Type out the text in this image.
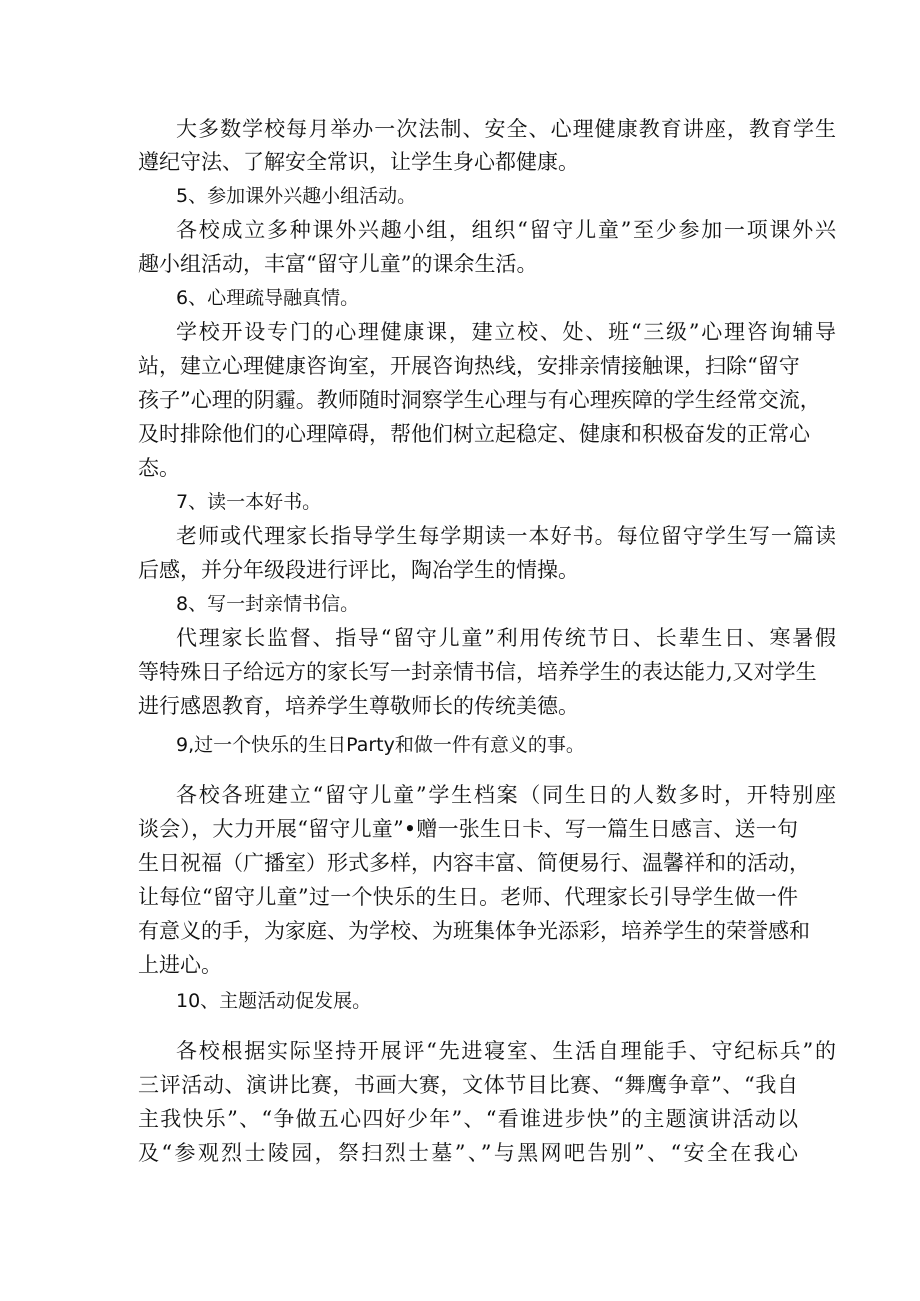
大多数学校每月举办一次法制、安全、心理健康教育讲座，教育学生
遵纪守法、了解安全常识，让学生身心都健康。
5、参加课外兴趣小组活动。
各校成立多种课外兴趣小组，组织“留守儿童”至少参加一项课外兴
趣小组活动，丰富“留守儿童”的课余生活。
6、心理疏导融真情。
学校开设专门的心理健康课，建立校、处、班“三级”心理咨询辅导
站，建立心理健康咨询室，开展咨询热线，安排亲情接触课，扫除“留守
孩子”心理的阴霾。教师随时洞察学生心理与有心理疾障的学生经常交流，
及时排除他们的心理障碍，帮他们树立起稳定、健康和积极奋发的正常心
态。
7、读一本好书。
老师或代理家长指导学生每学期读一本好书。每位留守学生写一篇读
后感，并分年级段进行评比，陶冶学生的情操。
8、写一封亲情书信。
代理家长监督、指导“留守儿童”利用传统节日、长辈生日、寒暑假
等特殊日子给远方的家长写一封亲情书信，培养学生的表达能力,又对学生
进行感恩教育，培养学生尊敬师长的传统美德。
9,过一个快乐的生日Party和做一件有意义的事。
各校各班建立“留守儿童”学生档案（同生日的人数多时，开特别座
谈会），大力开展“留守儿童”•赠一张生日卡、写一篇生日感言、送一句
生日祝福（广播室）形式多样，内容丰富、简便易行、温馨祥和的活动，
让每位“留守儿童”过一个快乐的生日。老师、代理家长引导学生做一件
有意义的手，为家庭、为学校、为班集体争光添彩，培养学生的荣誉感和
上进心。
10、主题活动促发展。
各校根据实际坚持开展评“先进寝室、生活自理能手、守纪标兵”的
三评活动、演讲比赛，书画大赛，文体节目比赛、“舞鹰争章”、“我自
主我快乐”、“争做五心四好少年”、“看谁进步快”的主题演讲活动以
及“参观烈士陵园，祭扫烈士墓”、”与黑网吧告别”、“安全在我心
